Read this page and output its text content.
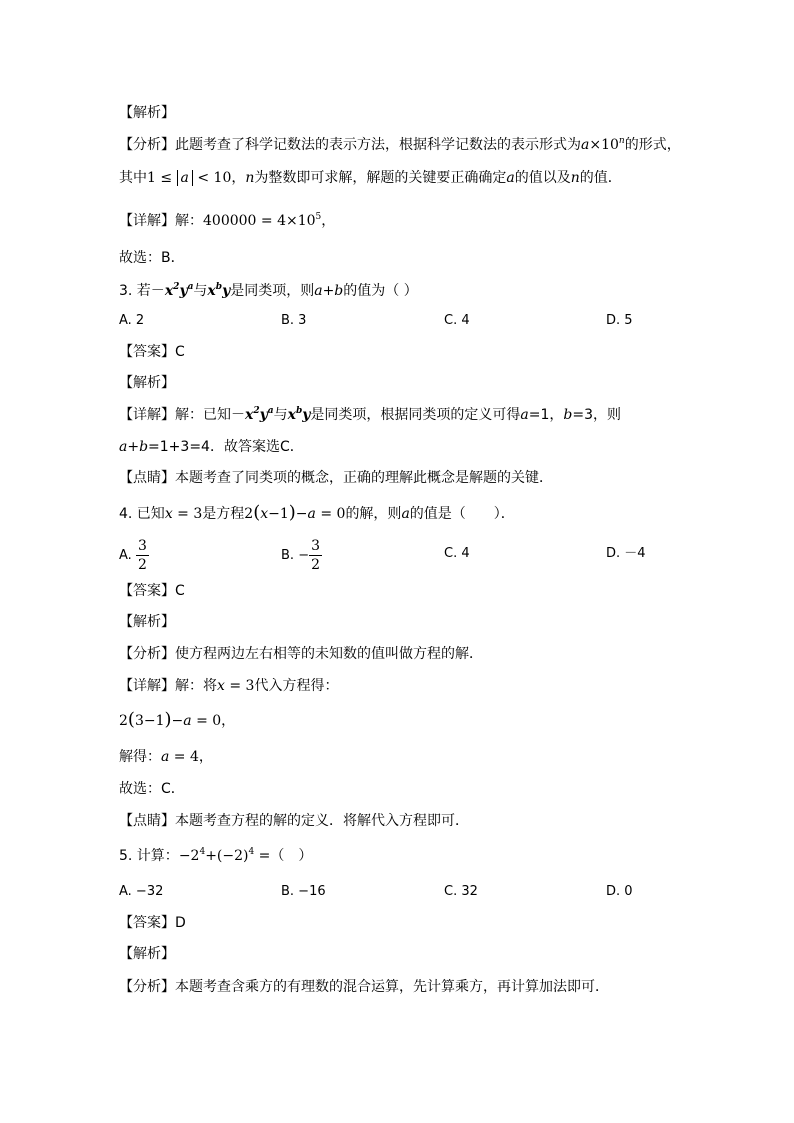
【解析】
【分析】此题考查了科学记数法的表示方法，根据科学记数法的表示形式为$a\times 10^n$的形式，
其中1 ≤ a < 10，n为整数即可求解，解题的关键要正确确定a的值以及n的值．
【详解】解：$400000 = 4\times 10^5$，
故选：B．
3. 若$-x^2y^a$与$x^by$是同类项，则a+b的值为（ ）
A. 2	B. 3	C. 4	D. 5
【答案】C
【解析】
【详解】解：已知$-x^2y^a$与$x^by$是同类项，根据同类项的定义可得a=1，b=3，则
a+b=1+3=4．故答案选C．
【点睛】本题考查了同类项的概念，正确的理解此概念是解题的关键．
4. 已知x = 3是方程2(x−1)−a = 0的解，则a的值是（　　）．
A. $\frac{3}{2}$	B. − $\frac{3}{2}$	C. 4	D. －4
【答案】C
【解析】
【分析】使方程两边左右相等的未知数的值叫做方程的解．
【详解】解：将x = 3代入方程得：
2(3−1)−a = 0，
解得：a = 4，
故选：C．
【点睛】本题考查方程的解的定义．将解代入方程即可．
5. 计算：$-2^4+(-2)^4$ =（　）
A. −32	B. −16	C. 32	D. 0
【答案】D
【解析】
【分析】本题考查含乘方的有理数的混合运算，先计算乘方，再计算加法即可．
